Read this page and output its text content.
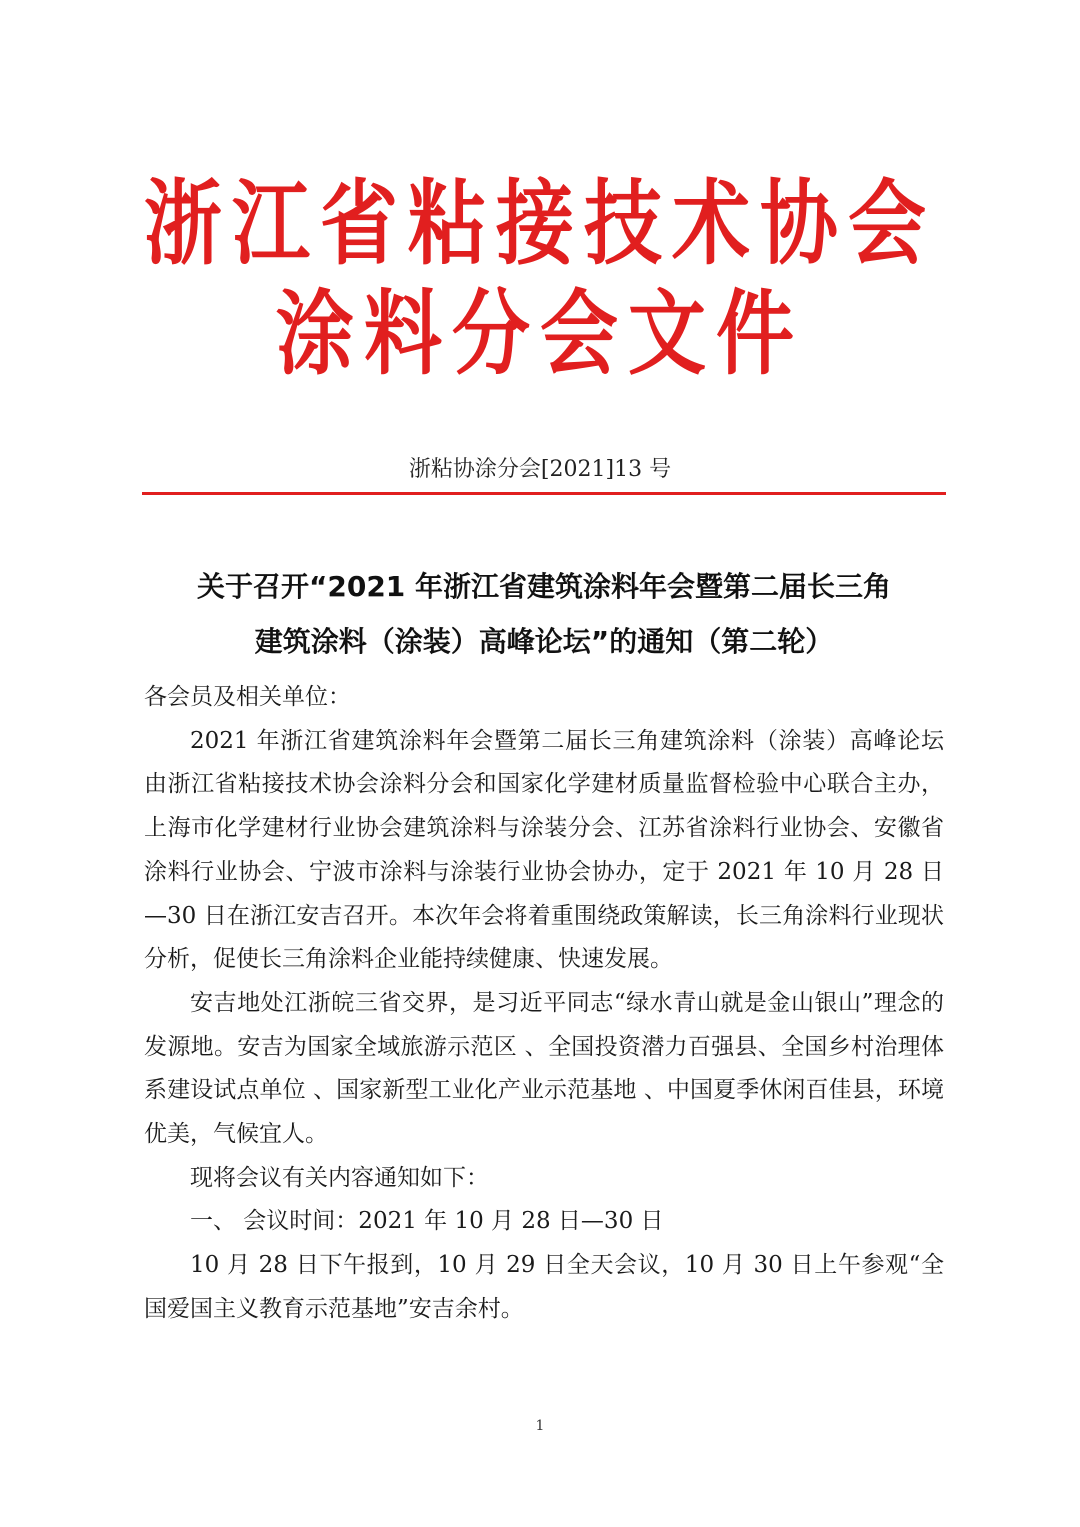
浙江省粘接技术协会
涂料分会文件
浙粘协涂分会[2021]13 号
关于召开“2021 年浙江省建筑涂料年会暨第二届长三角
建筑涂料（涂装）高峰论坛”的通知（第二轮）

各会员及相关单位：

2021 年浙江省建筑涂料年会暨第二届长三角建筑涂料（涂装）高峰论坛由浙江省粘接技术协会涂料分会和国家化学建材质量监督检验中心联合主办，上海市化学建材行业协会建筑涂料与涂装分会、江苏省涂料行业协会、安徽省涂料行业协会、宁波市涂料与涂装行业协会协办，定于 2021 年 10 月 28 日—30 日在浙江安吉召开。本次年会将着重围绕政策解读，长三角涂料行业现状分析，促使长三角涂料企业能持续健康、快速发展。

安吉地处江浙皖三省交界，是习近平同志“绿水青山就是金山银山”理念的发源地。安吉为国家全域旅游示范区 、全国投资潜力百强县、全国乡村治理体系建设试点单位 、国家新型工业化产业示范基地 、中国夏季休闲百佳县，环境优美，气候宜人。

现将会议有关内容通知如下：

一、 会议时间：2021 年 10 月 28 日—30 日

10 月 28 日下午报到，10 月 29 日全天会议，10 月 30 日上午参观“全国爱国主义教育示范基地”安吉余村。

1
